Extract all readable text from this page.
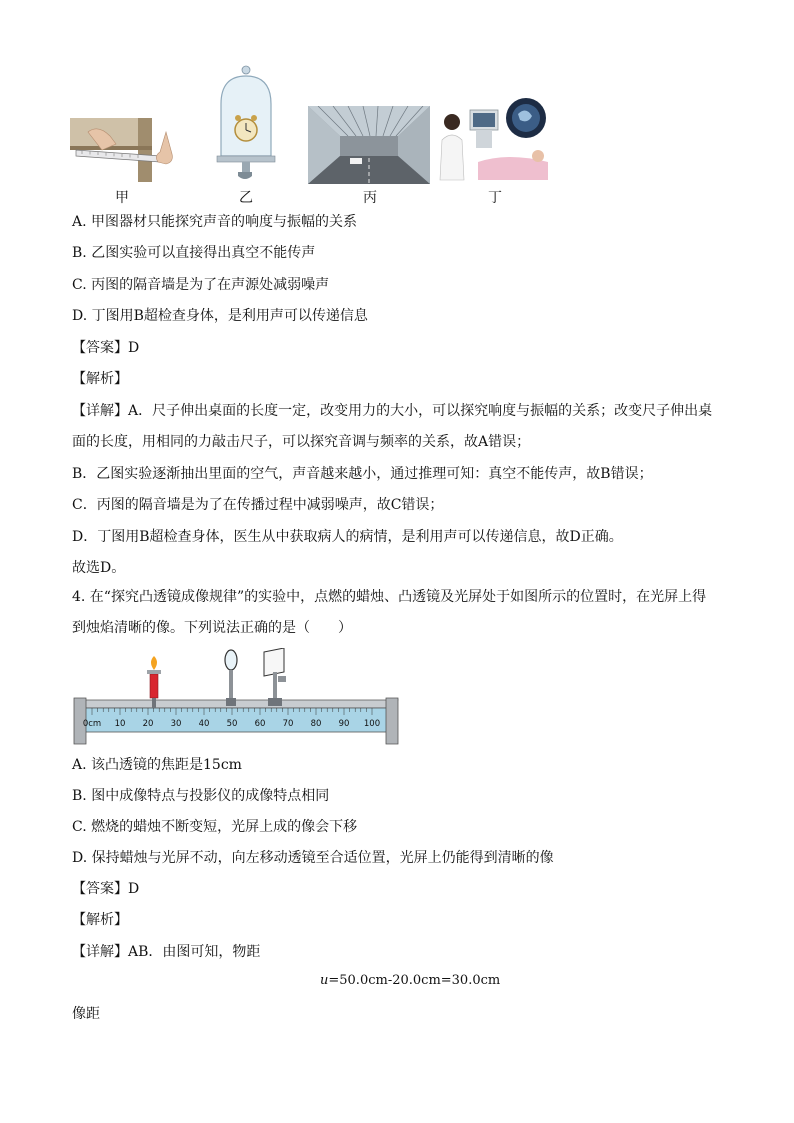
甲	乙	丙	丁
A. 甲图器材只能探究声音的响度与振幅的关系
B. 乙图实验可以直接得出真空不能传声
C. 丙图的隔音墙是为了在声源处减弱噪声
D. 丁图用B超检查身体，是利用声可以传递信息
【答案】D
【解析】
【详解】A．尺子伸出桌面的长度一定，改变用力的大小，可以探究响度与振幅的关系；改变尺子伸出桌
面的长度，用相同的力敲击尺子，可以探究音调与频率的关系，故A错误；
B．乙图实验逐渐抽出里面的空气，声音越来越小，通过推理可知：真空不能传声，故B错误；
C．丙图的隔音墙是为了在传播过程中减弱噪声，故C错误；
D．丁图用B超检查身体，医生从中获取病人的病情，是利用声可以传递信息，故D正确。
故选D。
4. 在“探究凸透镜成像规律”的实验中，点燃的蜡烛、凸透镜及光屏处于如图所示的位置时，在光屏上得
到烛焰清晰的像。下列说法正确的是（　　）
0cm 10 20 30 40 50 60 70 80 90 100
A. 该凸透镜的焦距是15cm
B. 图中成像特点与投影仪的成像特点相同
C. 燃烧的蜡烛不断变短，光屏上成的像会下移
D. 保持蜡烛与光屏不动，向左移动透镜至合适位置，光屏上仍能得到清晰的像
【答案】D
【解析】
【详解】AB．由图可知，物距
u=50.0cm-20.0cm=30.0cm
像距
